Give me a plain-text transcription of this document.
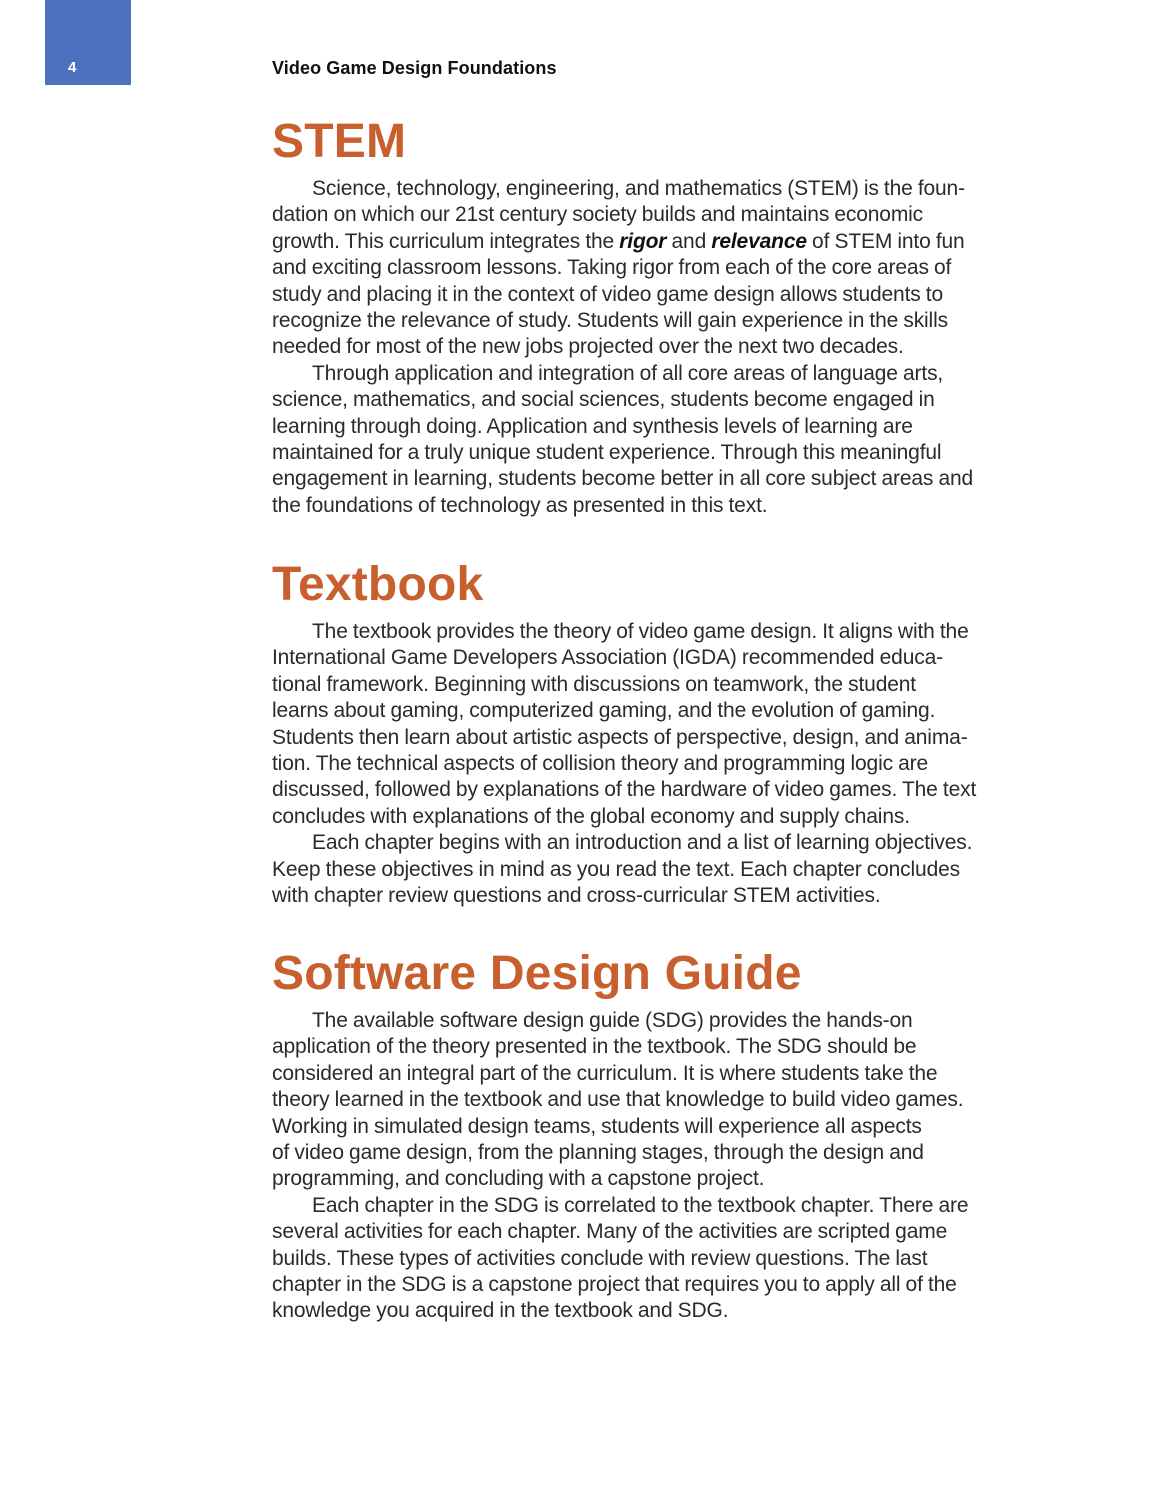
4	Video Game Design Foundations
STEM

Science, technology, engineering, and mathematics (STEM) is the foun-
dation on which our 21st century society builds and maintains economic
growth. This curriculum integrates the rigor and relevance of STEM into fun
and exciting classroom lessons. Taking rigor from each of the core areas of
study and placing it in the context of video game design allows students to
recognize the relevance of study. Students will gain experience in the skills
needed for most of the new jobs projected over the next two decades.

Through application and integration of all core areas of language arts,
science, mathematics, and social sciences, students become engaged in
learning through doing. Application and synthesis levels of learning are
maintained for a truly unique student experience. Through this meaningful
engagement in learning, students become better in all core subject areas and
the foundations of technology as presented in this text.

Textbook

The textbook provides the theory of video game design. It aligns with the
International Game Developers Association (IGDA) recommended educa-
tional framework. Beginning with discussions on teamwork, the student
learns about gaming, computerized gaming, and the evolution of gaming.
Students then learn about artistic aspects of perspective, design, and anima-
tion. The technical aspects of collision theory and programming logic are
discussed, followed by explanations of the hardware of video games. The text
concludes with explanations of the global economy and supply chains.

Each chapter begins with an introduction and a list of learning objectives.
Keep these objectives in mind as you read the text. Each chapter concludes
with chapter review questions and cross-curricular STEM activities.

Software Design Guide

The available software design guide (SDG) provides the hands-on
application of the theory presented in the textbook. The SDG should be
considered an integral part of the curriculum. It is where students take the
theory learned in the textbook and use that knowledge to build video games.
Working in simulated design teams, students will experience all aspects
of video game design, from the planning stages, through the design and
programming, and concluding with a capstone project.

Each chapter in the SDG is correlated to the textbook chapter. There are
several activities for each chapter. Many of the activities are scripted game
builds. These types of activities conclude with review questions. The last
chapter in the SDG is a capstone project that requires you to apply all of the
knowledge you acquired in the textbook and SDG.
